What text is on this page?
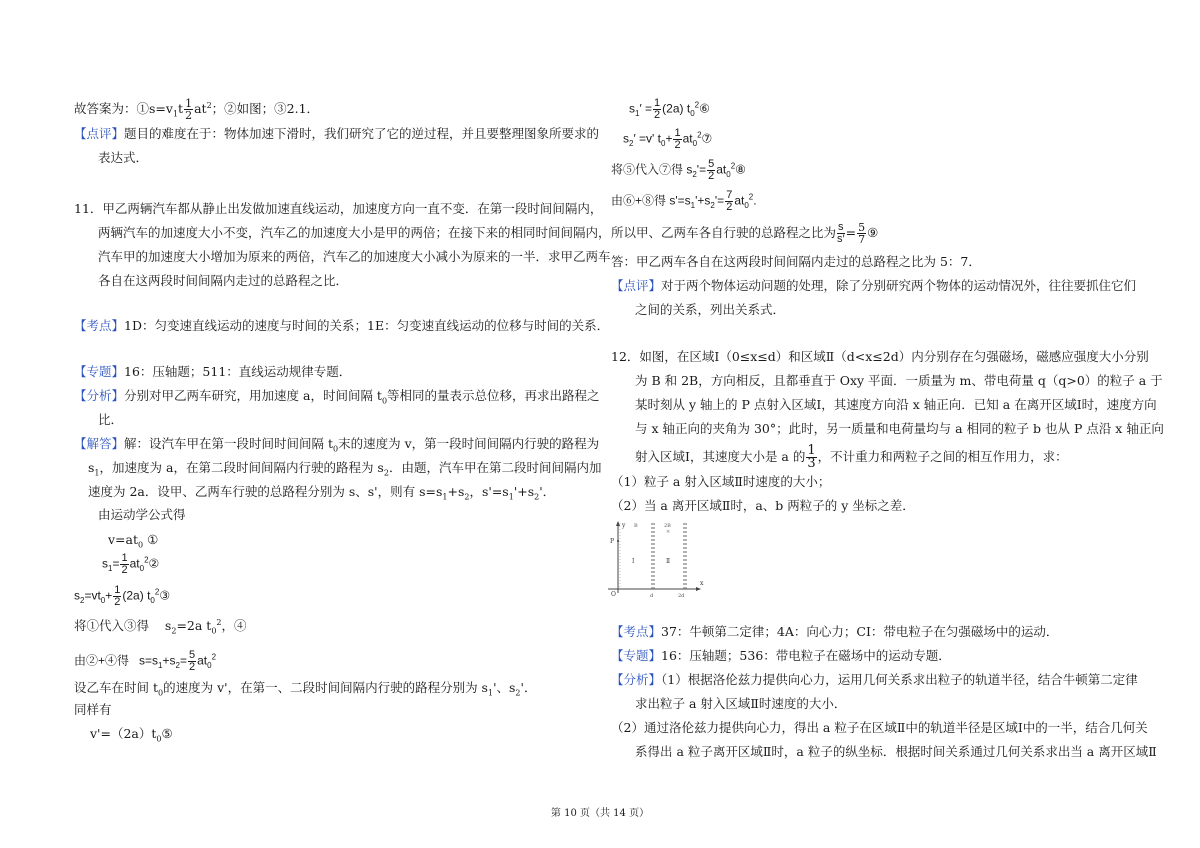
故答案为：$①s=v_1t \frac{1}{2} at^2$；②如图；③2.1．
【点评】题目的难度在于：物体加速下滑时，我们研究了它的逆过程，并且要整理图象所要求的
表达式．
11．甲乙两辆汽车都从静止出发做加速直线运动，加速度方向一直不变．在第一段时间间隔内，
两辆汽车的加速度大小不变，汽车乙的加速度大小是甲的两倍；在接下来的相同时间间隔内，
汽车甲的加速度大小增加为原来的两倍，汽车乙的加速度大小减小为原来的一半．求甲乙两车
各自在这两段时间间隔内走过的总路程之比．
【考点】1D：匀变速直线运动的速度与时间的关系；1E：匀变速直线运动的位移与时间的关系．
【专题】16：压轴题；511：直线运动规律专题．
【分析】分别对甲乙两车研究，用加速度 a，时间间隔 $t_0$等相同的量表示总位移，再求出路程之
比．
【解答】解：设汽车甲在第一段时间时间间隔 $t_0$末的速度为 v，第一段时间间隔内行驶的路程为
$s_1$，加速度为 a，在第二段时间间隔内行驶的路程为 $s_2$．由题，汽车甲在第二段时间间隔内加
速度为 2a．设甲、乙两车行驶的总路程分别为 s、s'，则有 $s=s_1+s_2$，$s'=s_1'+s_2'$．
由运动学公式得
$v=at_0$ ①
$s_1= \frac{1}{2}$ $at_0^2②$
$s_2=vt_0+ \frac{1}{2} (2a)$ $t_0^2③$
将①代入③得 $s_2=2a$ $t_0^2$，④
由②+④得 $s=s_1+s_2= \frac{5}{2} at_0^2$
设乙车在时间 $t_0$的速度为 v'，在第一、二段时间间隔内行驶的路程分别为 $s_1'$、$s_2'$．
同样有
$v'=(2a)t_0⑤$
$s_1' = \frac{1}{2} (2a)$ $t_0^2⑥$
$s_2' =v'$ $t_0+ \frac{1}{2}$ $at_0^2⑦$
将⑤代入⑦得 $s_2'= \frac{5}{2}$ $at_0^2⑧$
由⑥+⑧得 $s'=s_1'+s_2'= \frac{7}{2} at_0^2$.
所以甲、乙两车各自行驶的总路程之比为 $\frac{s}{s'} = \frac{5}{7}$ ⑨
答：甲乙两车各自在这两段时间间隔内走过的总路程之比为 5：7．
【点评】对于两个物体运动问题的处理，除了分别研究两个物体的运动情况外，往往要抓住它们
之间的关系，列出关系式．
12．如图，在区域Ⅰ（0≤x≤d）和区域Ⅱ（d<x≤2d）内分别存在匀强磁场，磁感应强度大小分别
为 B 和 2B，方向相反，且都垂直于 Oxy 平面．一质量为 m、带电荷量 q（q>0）的粒子 a 于
某时刻从 y 轴上的 P 点射入区域Ⅰ，其速度方向沿 x 轴正向．已知 a 在离开区域Ⅰ时，速度方向
与 x 轴正向的夹角为 30°；此时，另一质量和电荷量均与 a 相同的粒子 b 也从 P 点沿 x 轴正向
射入区域Ⅰ，其速度大小是 a 的 $\frac{1}{3}$ ，不计重力和两粒子之间的相互作用力，求：
（1）粒子 a 射入区域Ⅱ时速度的大小；
（2）当 a 离开区域Ⅱ时，a、b 两粒子的 y 坐标之差．
【考点】37：牛顿第二定律；4A：向心力；CI：带电粒子在匀强磁场中的运动．
【专题】16：压轴题；536：带电粒子在磁场中的运动专题．
【分析】（1）根据洛伦兹力提供向心力，运用几何关系求出粒子的轨道半径，结合牛顿第二定律
求出粒子 a 射入区域Ⅱ时速度的大小．
（2）通过洛伦兹力提供向心力，得出 a 粒子在区域Ⅱ中的轨道半径是区域Ⅰ中的一半，结合几何关
系得出 a 粒子离开区域Ⅱ时，a 粒子的纵坐标．根据时间关系通过几何关系求出当 a 离开区域Ⅱ
y
x
O
P
B	2B
×
Ⅰ	Ⅱ
d	2d
第 10 页（共 14 页）
